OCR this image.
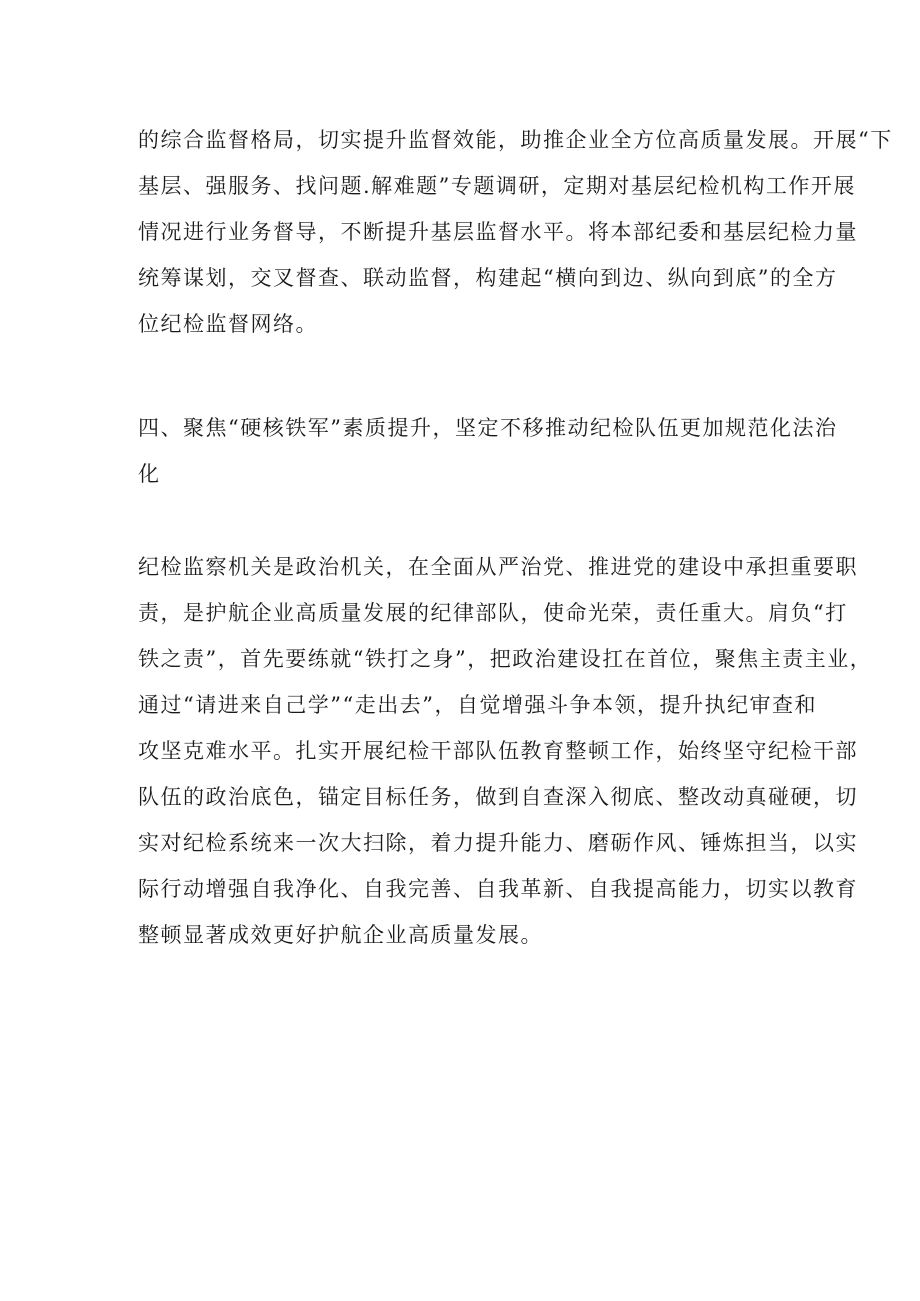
的综合监督格局，切实提升监督效能，助推企业全方位高质量发展。开展“下
基层、强服务、找问题.解难题”专题调研，定期对基层纪检机构工作开展
情况进行业务督导，不断提升基层监督水平。将本部纪委和基层纪检力量
统筹谋划，交叉督查、联动监督，构建起“横向到边、纵向到底”的全方
位纪检监督网络。
四、聚焦“硬核铁军”素质提升，坚定不移推动纪检队伍更加规范化法治
化
纪检监察机关是政治机关，在全面从严治党、推进党的建设中承担重要职
责，是护航企业高质量发展的纪律部队，使命光荣，责任重大。肩负“打
铁之责”，首先要练就“铁打之身”，把政治建设扛在首位，聚焦主责主业，
通过“请进来自己学”“走出去”，自觉增强斗争本领，提升执纪审查和
攻坚克难水平。扎实开展纪检干部队伍教育整顿工作，始终坚守纪检干部
队伍的政治底色，锚定目标任务，做到自查深入彻底、整改动真碰硬，切
实对纪检系统来一次大扫除，着力提升能力、磨砺作风、锤炼担当，以实
际行动增强自我净化、自我完善、自我革新、自我提高能力，切实以教育
整顿显著成效更好护航企业高质量发展。
